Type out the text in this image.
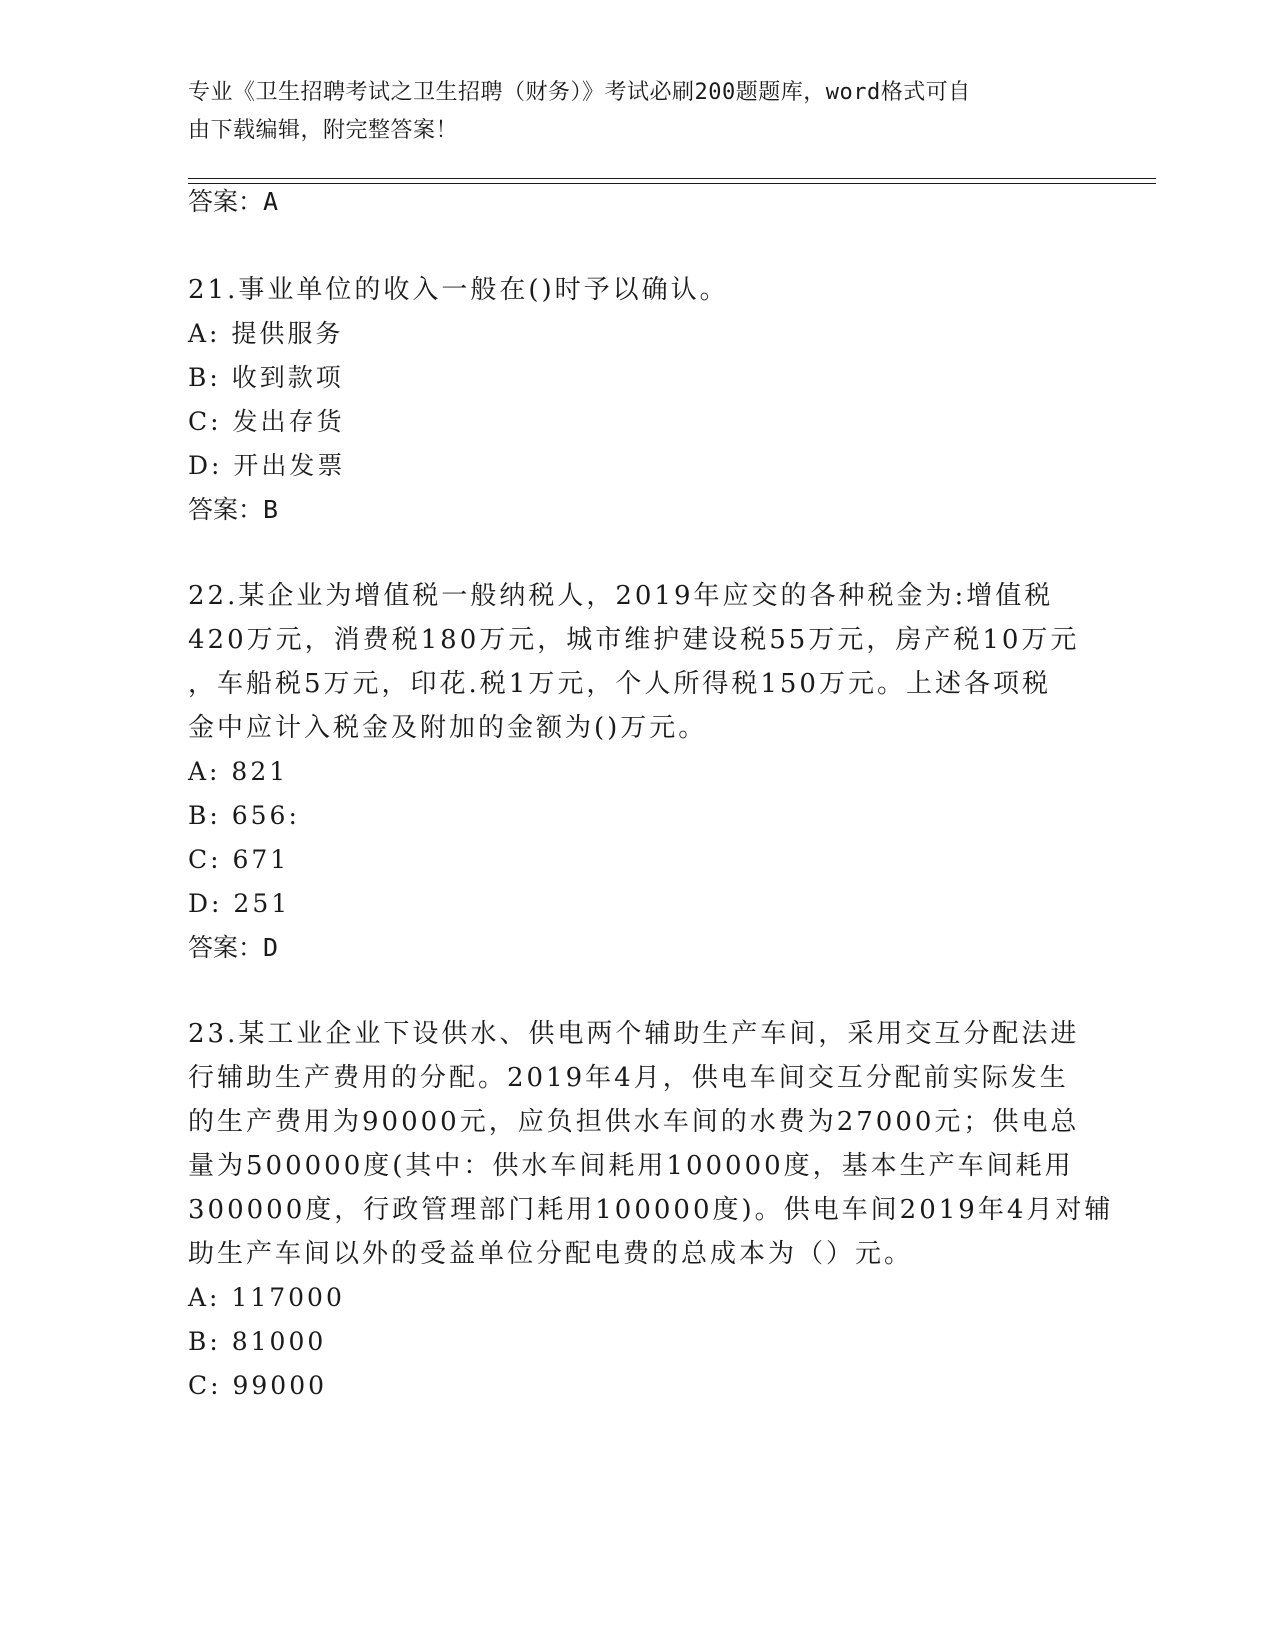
专业《卫生招聘考试之卫生招聘（财务）》考试必刷200题题库，word格式可自
由下载编辑，附完整答案！
答案：A
21.事业单位的收入一般在()时予以确认。
A: 提供服务
B: 收到款项
C: 发出存货
D: 开出发票
答案：B
22.某企业为增值税一般纳税人，2019年应交的各种税金为:增值税
420万元，消费税180万元，城市维护建设税55万元，房产税10万元
，车船税5万元，印花.税1万元，个人所得税150万元。上述各项税
金中应计入税金及附加的金额为()万元。
A: 821
B: 656:
C: 671
D: 251
答案：D
23.某工业企业下设供水、供电两个辅助生产车间，采用交互分配法进
行辅助生产费用的分配。2019年4月，供电车间交互分配前实际发生
的生产费用为90000元，应负担供水车间的水费为27000元；供电总
量为500000度(其中：供水车间耗用100000度，基本生产车间耗用
300000度，行政管理部门耗用100000度)。供电车间2019年4月对辅
助生产车间以外的受益单位分配电费的总成本为（）元。
A: 117000
B: 81000
C: 99000
